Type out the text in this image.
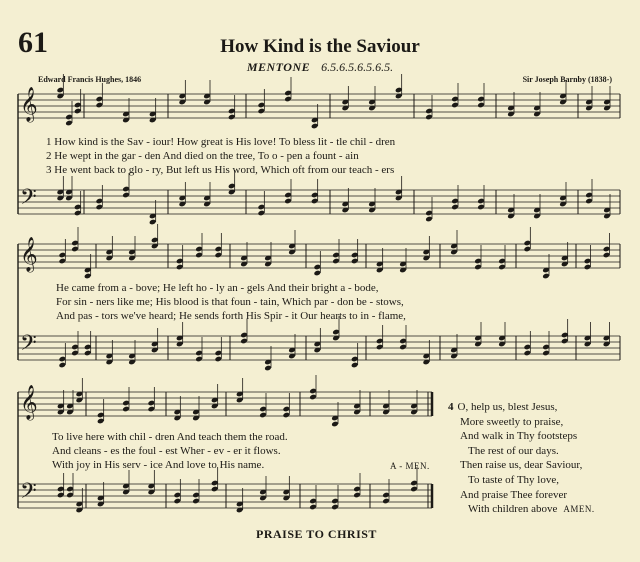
61	How Kind is the Saviour
MENTONE 6.5.6.5.6.5.6.5.
Edward Francis Hughes, 1846	Sir Joseph Barnby (1838-)
𝄞
𝄢
𝄞
𝄢
𝄞
𝄢
1 How kind is the Sav - iour! How great is His love! To bless lit - tle chil - dren
2 He wept in the gar - den And died on the tree, To o - pen a fount - ain
3 He went back to glo - ry, But left us His word, Which oft from our teach - ers
He came from a - bove; He left ho - ly an - gels And their bright a - bode,
For sin - ners like me; His blood is that foun - tain, Which par - don be - stows,
And pas - tors we've heard; He sends forth His Spir - it Our hearts to in - flame,
To live here with chil - dren And teach them the road.
And cleans - es the foul - est Wher - ev - er it flows.
With joy in His serv - ice And love to His name.	A - MEN.
4 O, help us, blest Jesus,
More sweetly to praise,
And walk in Thy footsteps
The rest of our days.
Then raise us, dear Saviour,
To taste of Thy love,
And praise Thee forever
With children above AMEN.
PRAISE TO CHRIST
